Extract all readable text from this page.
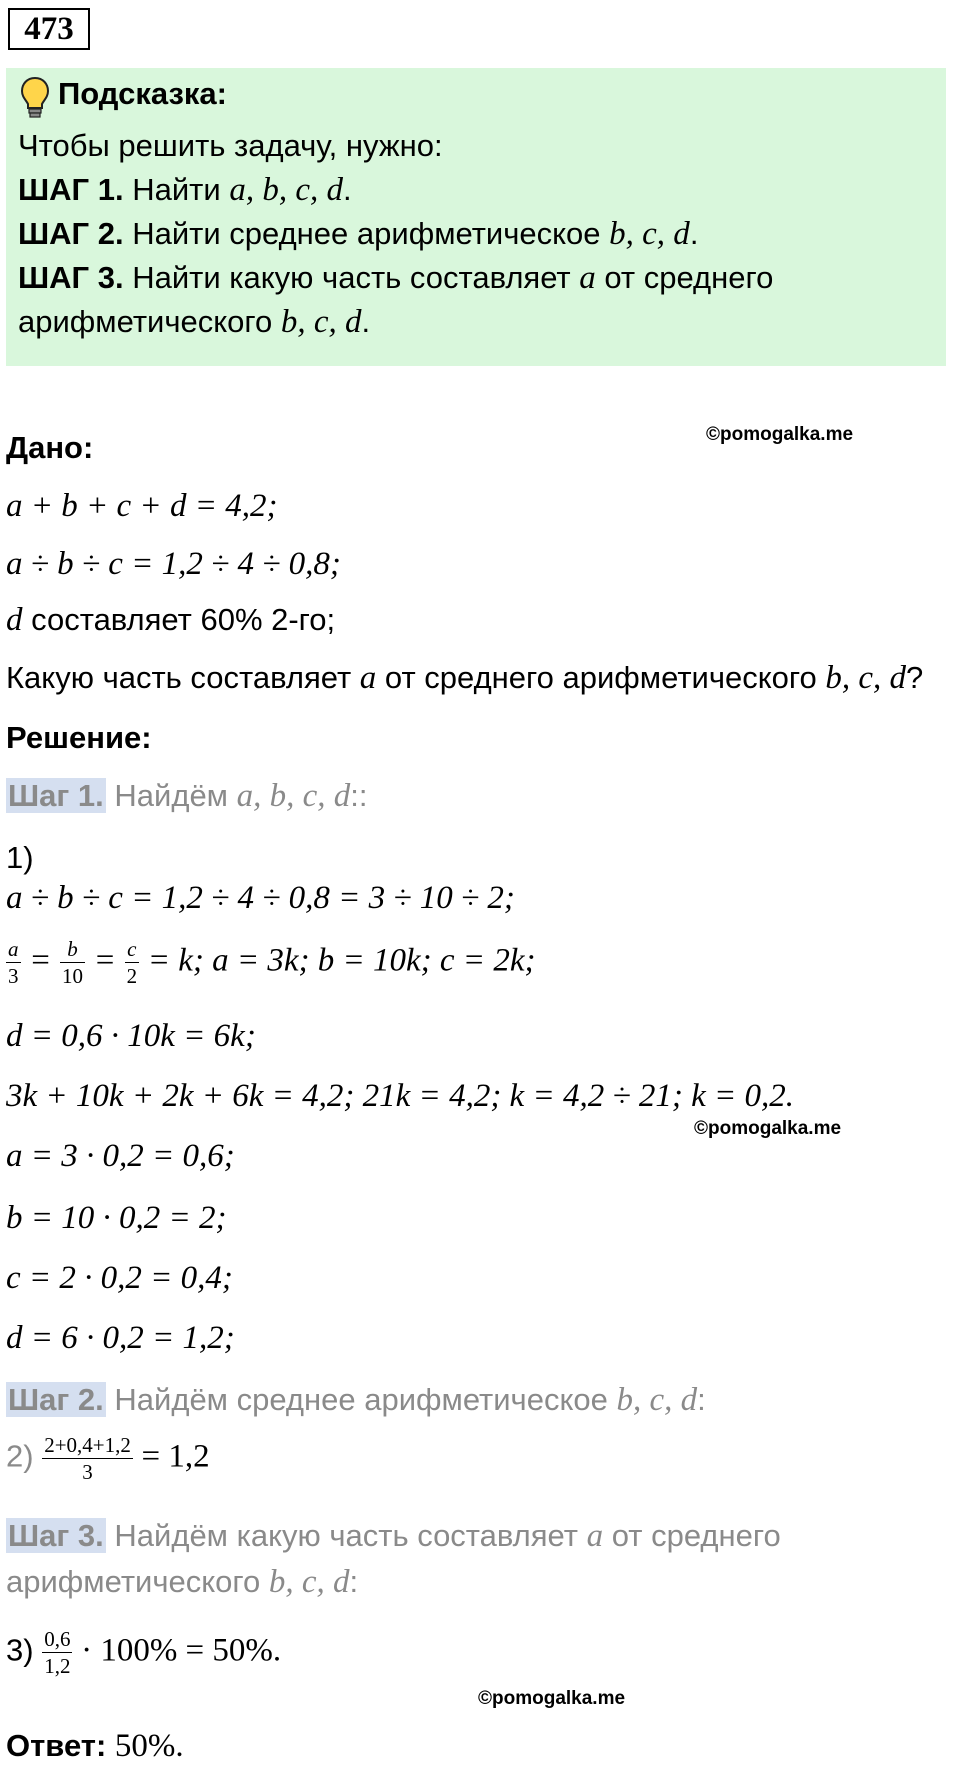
473
Подсказка:
Чтобы решить задачу, нужно:
ШАГ 1. Найти a, b, c, d.
ШАГ 2. Найти среднее арифметическое b, c, d.
ШАГ 3. Найти какую часть составляет a от среднего
арифметического b, c, d.
Дано:	©pomogalka.me
a + b + c + d = 4,2;
a ÷ b ÷ c = 1,2 ÷ 4 ÷ 0,8;
d составляет 60% 2-го;
Какую часть составляет a от среднего арифметического b, c, d?
Решение:
Шаг 1. Найдём a, b, c, d::
1)
a ÷ b ÷ c = 1,2 ÷ 4 ÷ 0,8 = 3 ÷ 10 ÷ 2;
$\frac{a}{3} = \frac{b}{10} = \frac{c}{2} = k$; a = 3k; b = 10k; c = 2k;
d = 0,6 · 10k = 6k;
3k + 10k + 2k + 6k = 4,2; 21k = 4,2; k = 4,2 ÷ 21; k = 0,2.
©pomogalka.me
a = 3 · 0,2 = 0,6;
b = 10 · 0,2 = 2;
c = 2 · 0,2 = 0,4;
d = 6 · 0,2 = 1,2;
Шаг 2. Найдём среднее арифметическое b, c, d:
$2) \frac{2+0,4+1,2}{3} = 1,2$
Шаг 3. Найдём какую часть составляет a от среднего
арифметического b, c, d:
$3) \frac{0,6}{1,2} \cdot 100\% = 50\%$.
©pomogalka.me
Ответ: 50%.
